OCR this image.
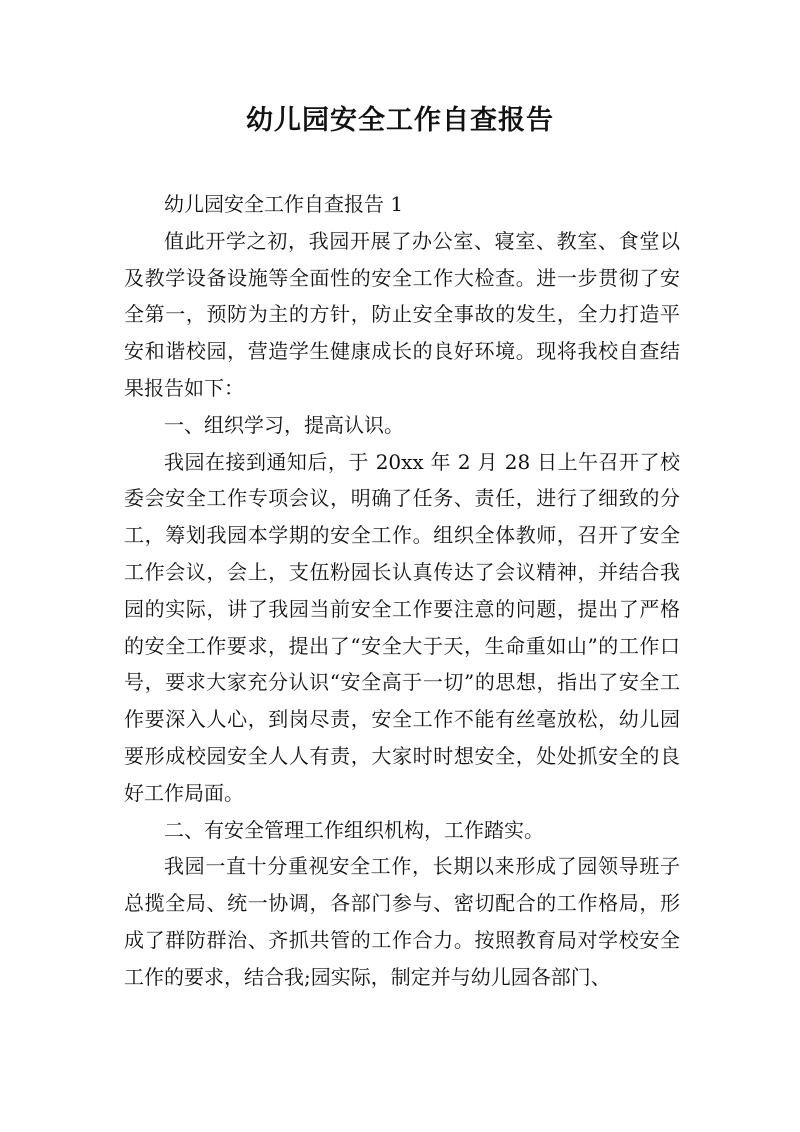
幼儿园安全工作自查报告

幼儿园安全工作自查报告 1

值此开学之初，我园开展了办公室、寝室、教室、食堂以及教学设备设施等全面性的安全工作大检查。进一步贯彻了安全第一，预防为主的方针，防止安全事故的发生，全力打造平安和谐校园，营造学生健康成长的良好环境。现将我校自查结果报告如下：

一、组织学习，提高认识。

我园在接到通知后，于 20xx 年 2 月 28 日上午召开了校委会安全工作专项会议，明确了任务、责任，进行了细致的分工，筹划我园本学期的安全工作。组织全体教师，召开了安全工作会议，会上，支伍粉园长认真传达了会议精神，并结合我园的实际，讲了我园当前安全工作要注意的问题，提出了严格的安全工作要求，提出了“安全大于天，生命重如山”的工作口号，要求大家充分认识“安全高于一切”的思想，指出了安全工作要深入人心，到岗尽责，安全工作不能有丝毫放松，幼儿园要形成校园安全人人有责，大家时时想安全，处处抓安全的良好工作局面。

二、有安全管理工作组织机构，工作踏实。

我园一直十分重视安全工作，长期以来形成了园领导班子总揽全局、统一协调，各部门参与、密切配合的工作格局，形成了群防群治、齐抓共管的工作合力。按照教育局对学校安全工作的要求，结合我;园实际，制定并与幼儿园各部门、
